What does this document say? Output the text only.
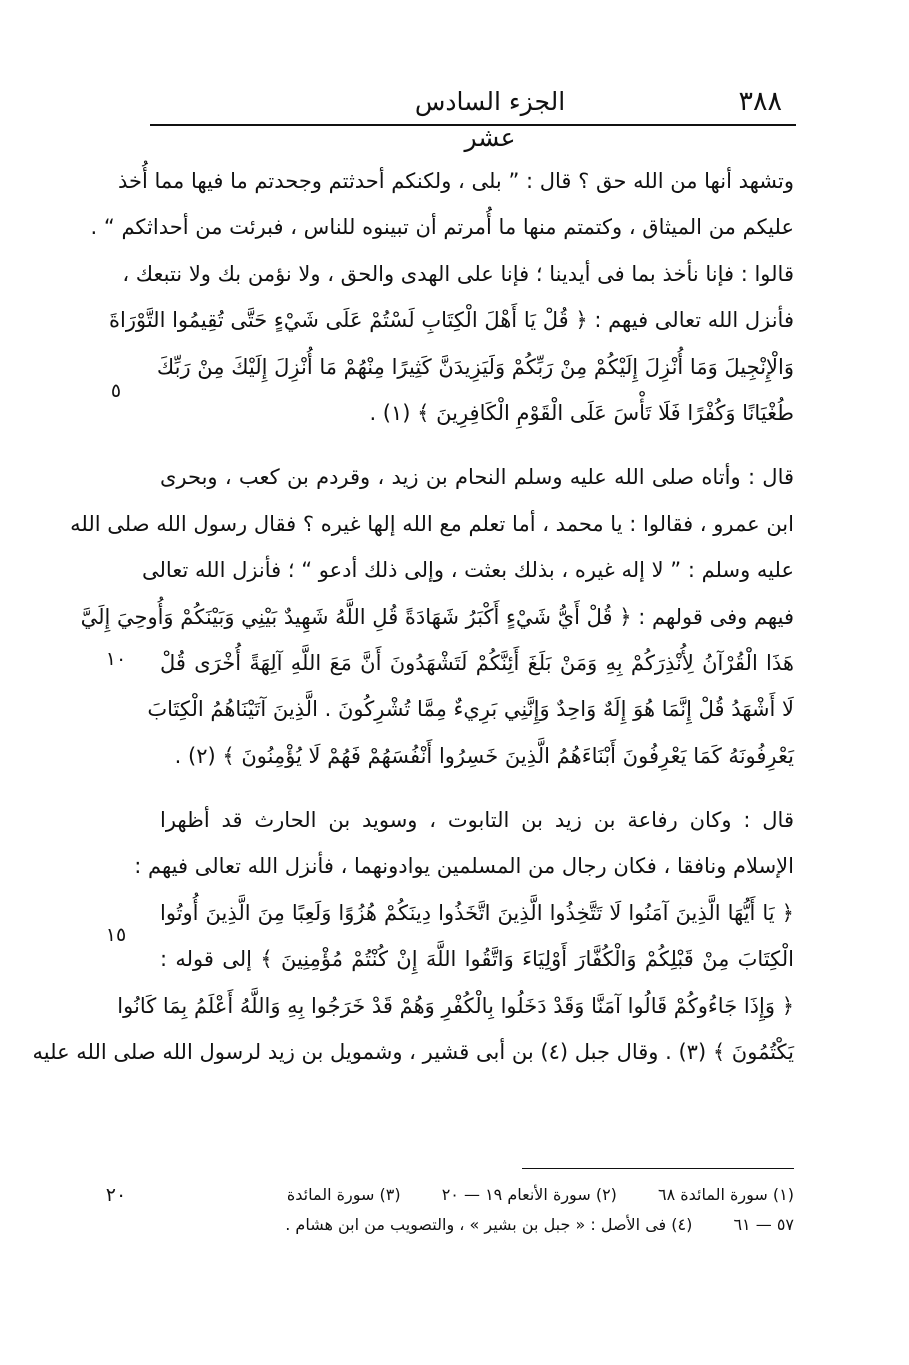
الجزء السادس عشر
٣٨٨
وتشهد أنها من الله حق ؟ قال : ” بلى ، ولكنكم أحدثتم وجحدتم ما فيها مما أُخذ
عليكم من الميثاق ، وكتمتم منها ما أُمرتم أن تبينوه للناس ، فبرئت من أحداثكم “ .
قالوا : فإنا نأخذ بما فى أيدينا ؛ فإنا على الهدى والحق ، ولا نؤمن بك ولا نتبعك ،
فأنزل الله تعالى فيهم : ﴿ قُلْ يَا أَهْلَ الْكِتَابِ لَسْتُمْ عَلَى شَيْءٍ حَتَّى تُقِيمُوا التَّوْرَاةَ
وَالْإِنْجِيلَ وَمَا أُنْزِلَ إِلَيْكُمْ مِنْ رَبِّكُمْ وَلَيَزِيدَنَّ كَثِيرًا مِنْهُمْ مَا أُنْزِلَ إِلَيْكَ مِنْ رَبِّكَ
طُغْيَانًا وَكُفْرًا فَلَا تَأْسَ عَلَى الْقَوْمِ الْكَافِرِينَ ﴾ (١) .
قال : وأتاه صلى الله عليه وسلم النحام بن زيد ، وقردم بن كعب ، وبحرى
ابن عمرو ، فقالوا : يا محمد ، أما تعلم مع الله إلها غيره ؟ فقال رسول الله صلى الله
عليه وسلم : ” لا إله غيره ، بذلك بعثت ، وإلى ذلك أدعو “ ؛ فأنزل الله تعالى
فيهم وفى قولهم : ﴿ قُلْ أَيُّ شَيْءٍ أَكْبَرُ شَهَادَةً قُلِ اللَّهُ شَهِيدٌ بَيْنِي وَبَيْنَكُمْ وَأُوحِيَ إِلَيَّ
هَذَا الْقُرْآنُ لِأُنْذِرَكُمْ بِهِ وَمَنْ بَلَغَ أَئِنَّكُمْ لَتَشْهَدُونَ أَنَّ مَعَ اللَّهِ آلِهَةً أُخْرَى قُلْ
لَا أَشْهَدُ قُلْ إِنَّمَا هُوَ إِلَهٌ وَاحِدٌ وَإِنَّنِي بَرِيءٌ مِمَّا تُشْرِكُونَ . الَّذِينَ آتَيْنَاهُمُ الْكِتَابَ
يَعْرِفُونَهُ كَمَا يَعْرِفُونَ أَبْنَاءَهُمُ الَّذِينَ خَسِرُوا أَنْفُسَهُمْ فَهُمْ لَا يُؤْمِنُونَ ﴾ (٢) .
قال : وكان رفاعة بن زيد بن التابوت ، وسويد بن الحارث قد أظهرا
الإسلام ونافقا ، فكان رجال من المسلمين يوادونهما ، فأنزل الله تعالى فيهم :
﴿ يَا أَيُّهَا الَّذِينَ آمَنُوا لَا تَتَّخِذُوا الَّذِينَ اتَّخَذُوا دِينَكُمْ هُزُوًا وَلَعِبًا مِنَ الَّذِينَ أُوتُوا
الْكِتَابَ مِنْ قَبْلِكُمْ وَالْكُفَّارَ أَوْلِيَاءَ وَاتَّقُوا اللَّهَ إِنْ كُنْتُمْ مُؤْمِنِينَ ﴾ إلى قوله :
﴿ وَإِذَا جَاءُوكُمْ قَالُوا آمَنَّا وَقَدْ دَخَلُوا بِالْكُفْرِ وَهُمْ قَدْ خَرَجُوا بِهِ وَاللَّهُ أَعْلَمُ بِمَا كَانُوا
يَكْتُمُونَ ﴾ (٣) . وقال جبل (٤) بن أبى قشير ، وشمويل بن زيد لرسول الله صلى الله عليه
٥
١٠
١٥
٢٠	(١) سورة المائدة ٦٨ (٢) سورة الأنعام ١٩ — ٢٠ (٣) سورة المائدة
٥٧ — ٦١ (٤) فى الأصل : « جبل بن بشير » ، والتصويب من ابن هشام .
